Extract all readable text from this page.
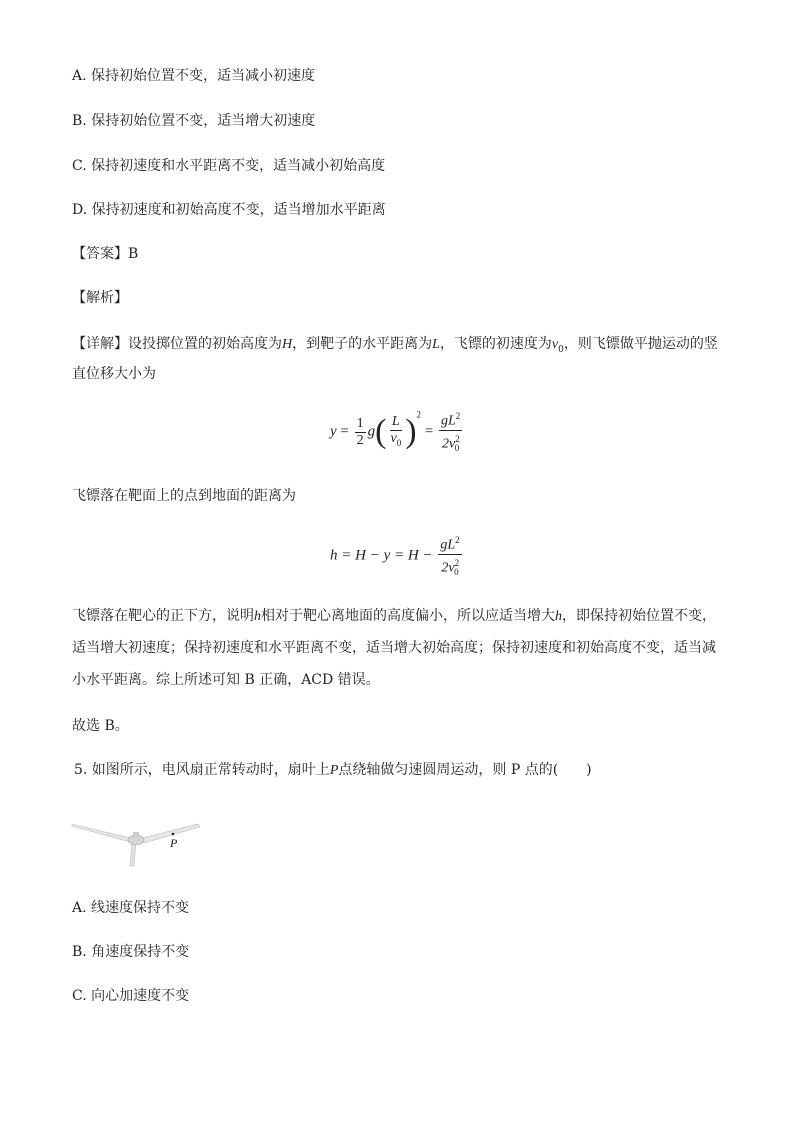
A. 保持初始位置不变，适当减小初速度
B. 保持初始位置不变，适当增大初速度
C. 保持初速度和水平距离不变，适当减小初始高度
D. 保持初速度和初始高度不变，适当增加水平距离
【答案】B
【解析】
【详解】设投掷位置的初始高度为H，到靶子的水平距离为L，飞镖的初速度为$v_0$，则飞镖做平抛运动的竖
直位移大小为
$y = \frac{1}{2} g( \frac{L}{v_0} )^2 = \frac{gL^2}{2v^2_0}$
飞镖落在靶面上的点到地面的距离为
$h = H - y = H - \frac{gL^2}{2v^2_0}$
飞镖落在靶心的正下方，说明h相对于靶心离地面的高度偏小，所以应适当增大h，即保持初始位置不变，
适当增大初速度；保持初速度和水平距离不变，适当增大初始高度；保持初速度和初始高度不变，适当减
小水平距离。综上所述可知 B 正确，ACD 错误。
故选 B。
5. 如图所示，电风扇正常转动时，扇叶上P点绕轴做匀速圆周运动，则 P 点的(　　)
P
A. 线速度保持不变
B. 角速度保持不变
C. 向心加速度不变
